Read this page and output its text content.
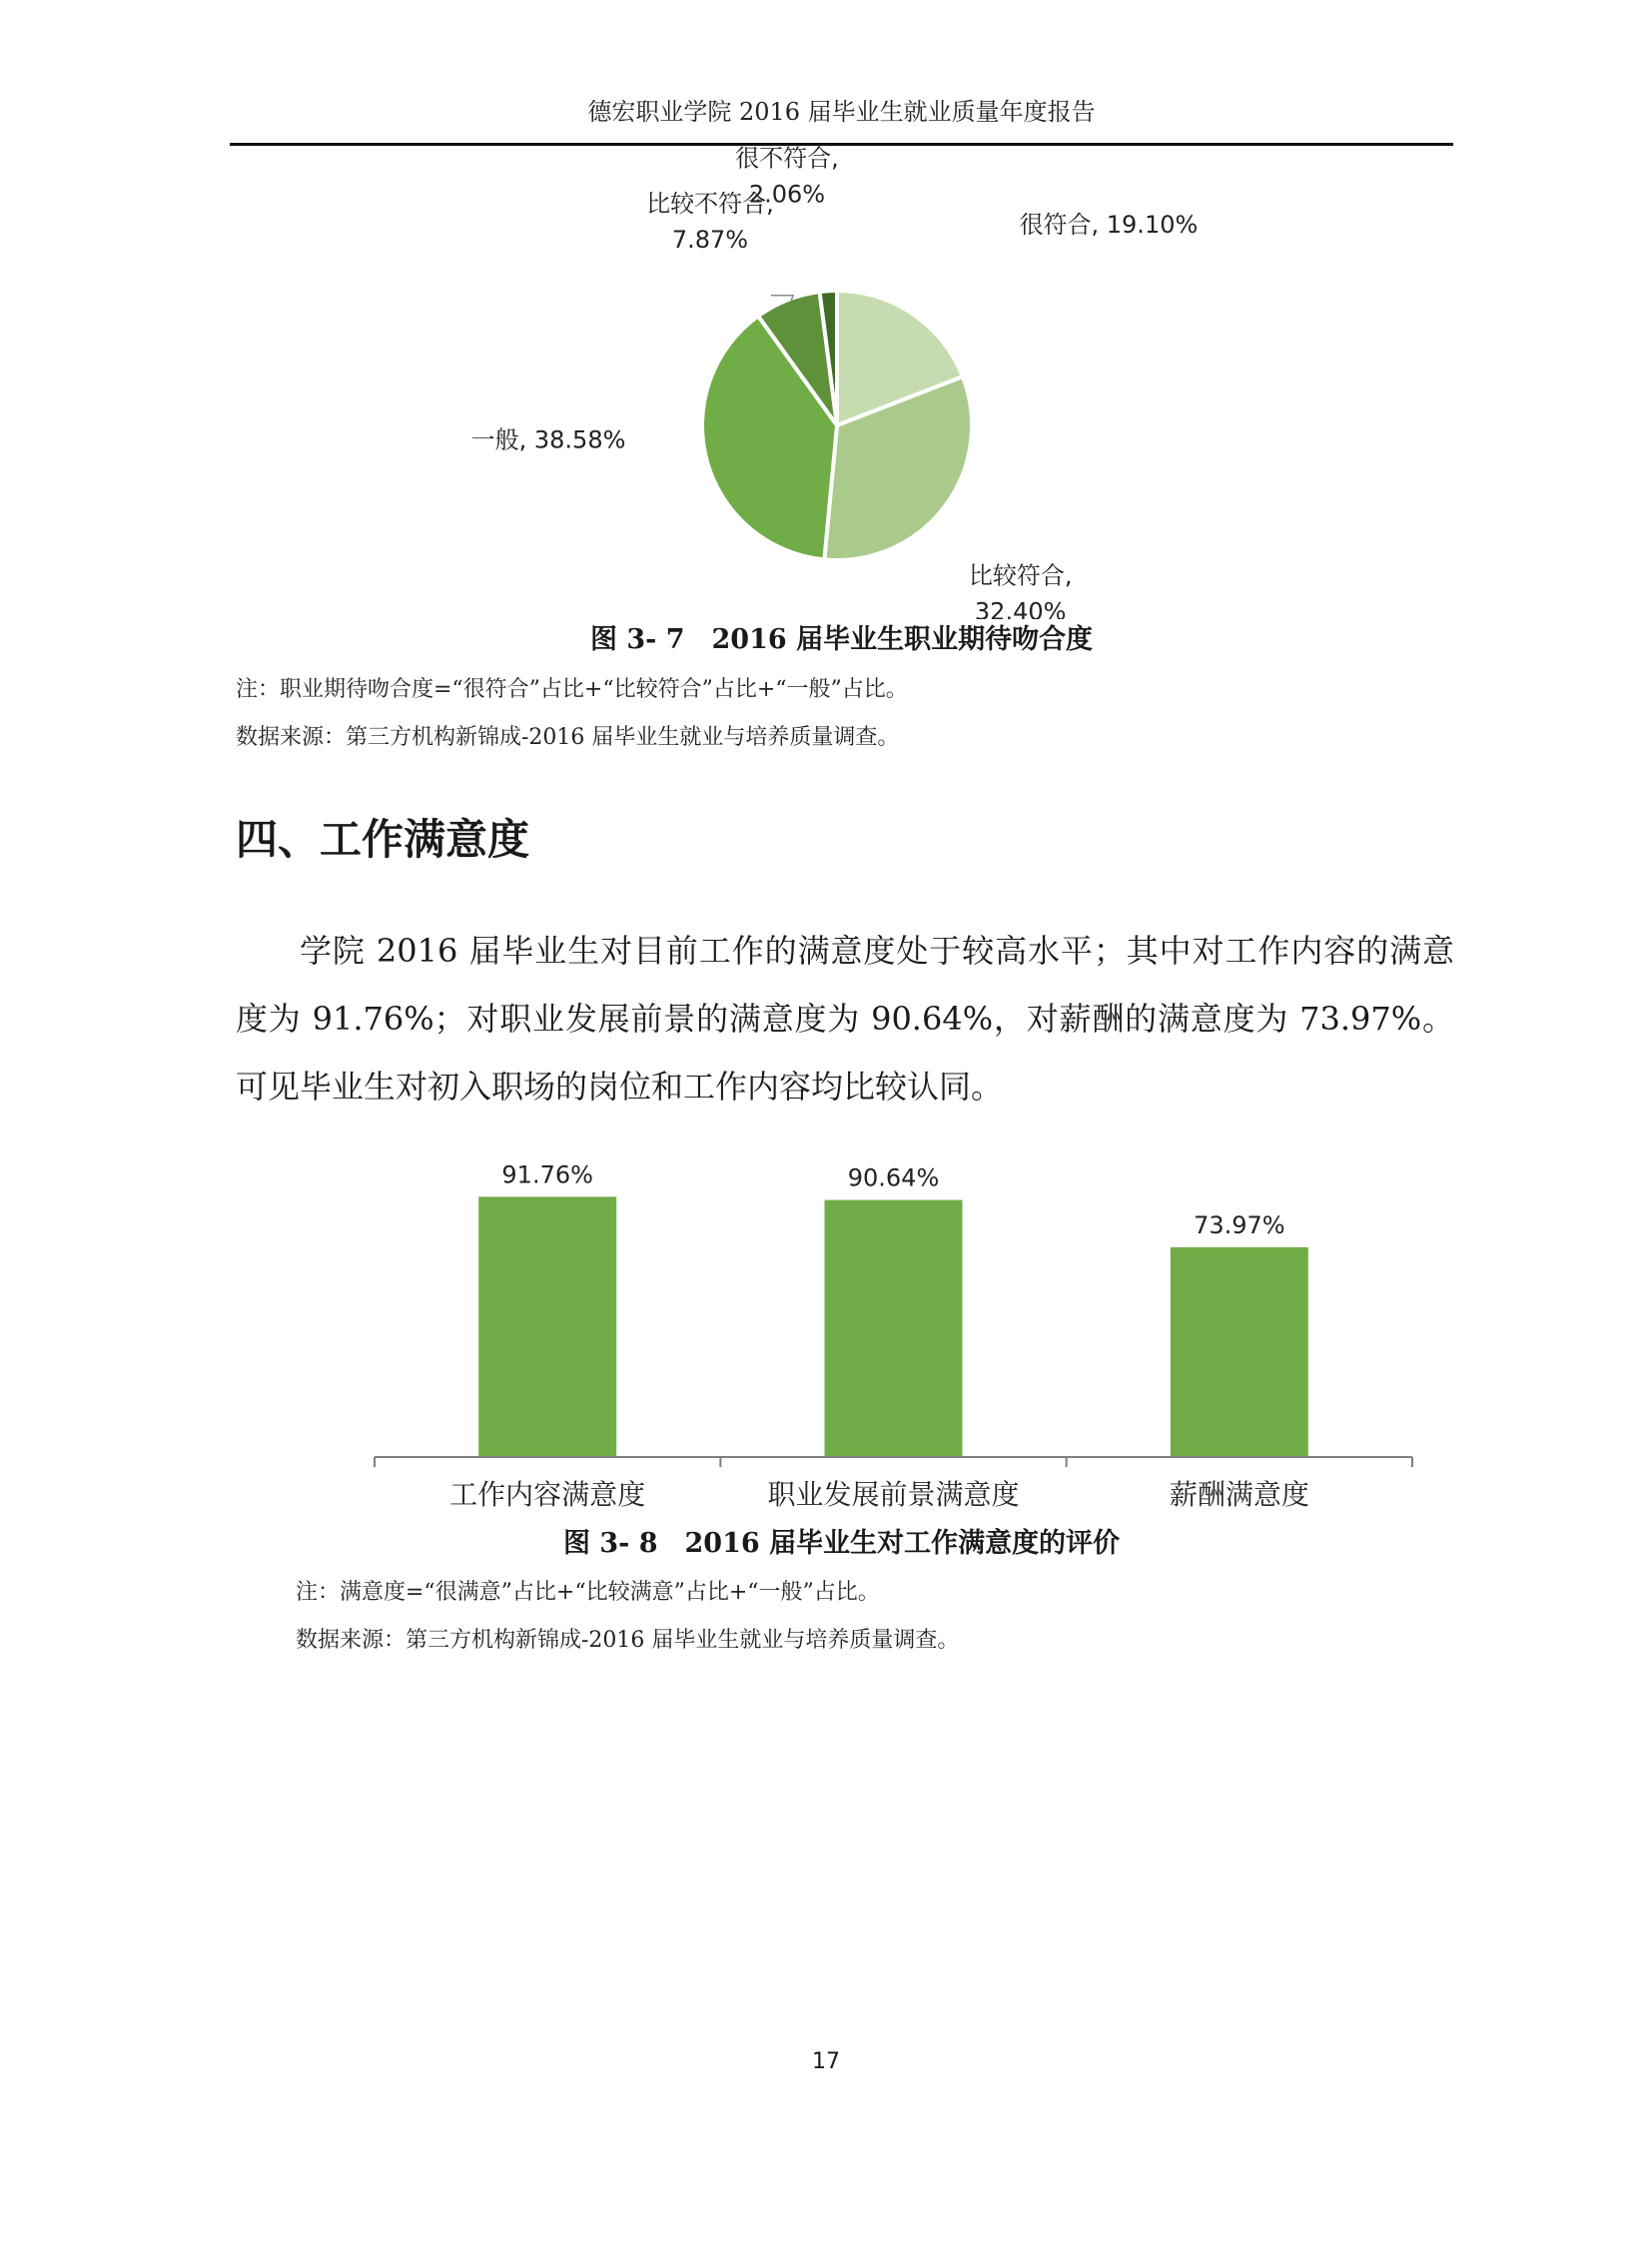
德宏职业学院 2016 届毕业生就业质量年度报告
很符合, 19.10%
比较符合,
32.40%
一般, 38.58%
比较不符合,
7.87%
很不符合,
2.06%
图 3- 7　2016 届毕业生职业期待吻合度
注：职业期待吻合度=“很符合”占比+“比较符合”占比+“一般”占比。
数据来源：第三方机构新锦成-2016 届毕业生就业与培养质量调查。
四、工作满意度
学院 2016 届毕业生对目前工作的满意度处于较高水平；其中对工作内容的满意度为 91.76%；对职业发展前景的满意度为 90.64%，对薪酬的满意度为 73.97%。可见毕业生对初入职场的岗位和工作内容均比较认同。
91.76%
工作内容满意度
90.64%
职业发展前景满意度
73.97%
薪酬满意度
图 3- 8　2016 届毕业生对工作满意度的评价
注：满意度=“很满意”占比+“比较满意”占比+“一般”占比。
数据来源：第三方机构新锦成-2016 届毕业生就业与培养质量调查。
17
